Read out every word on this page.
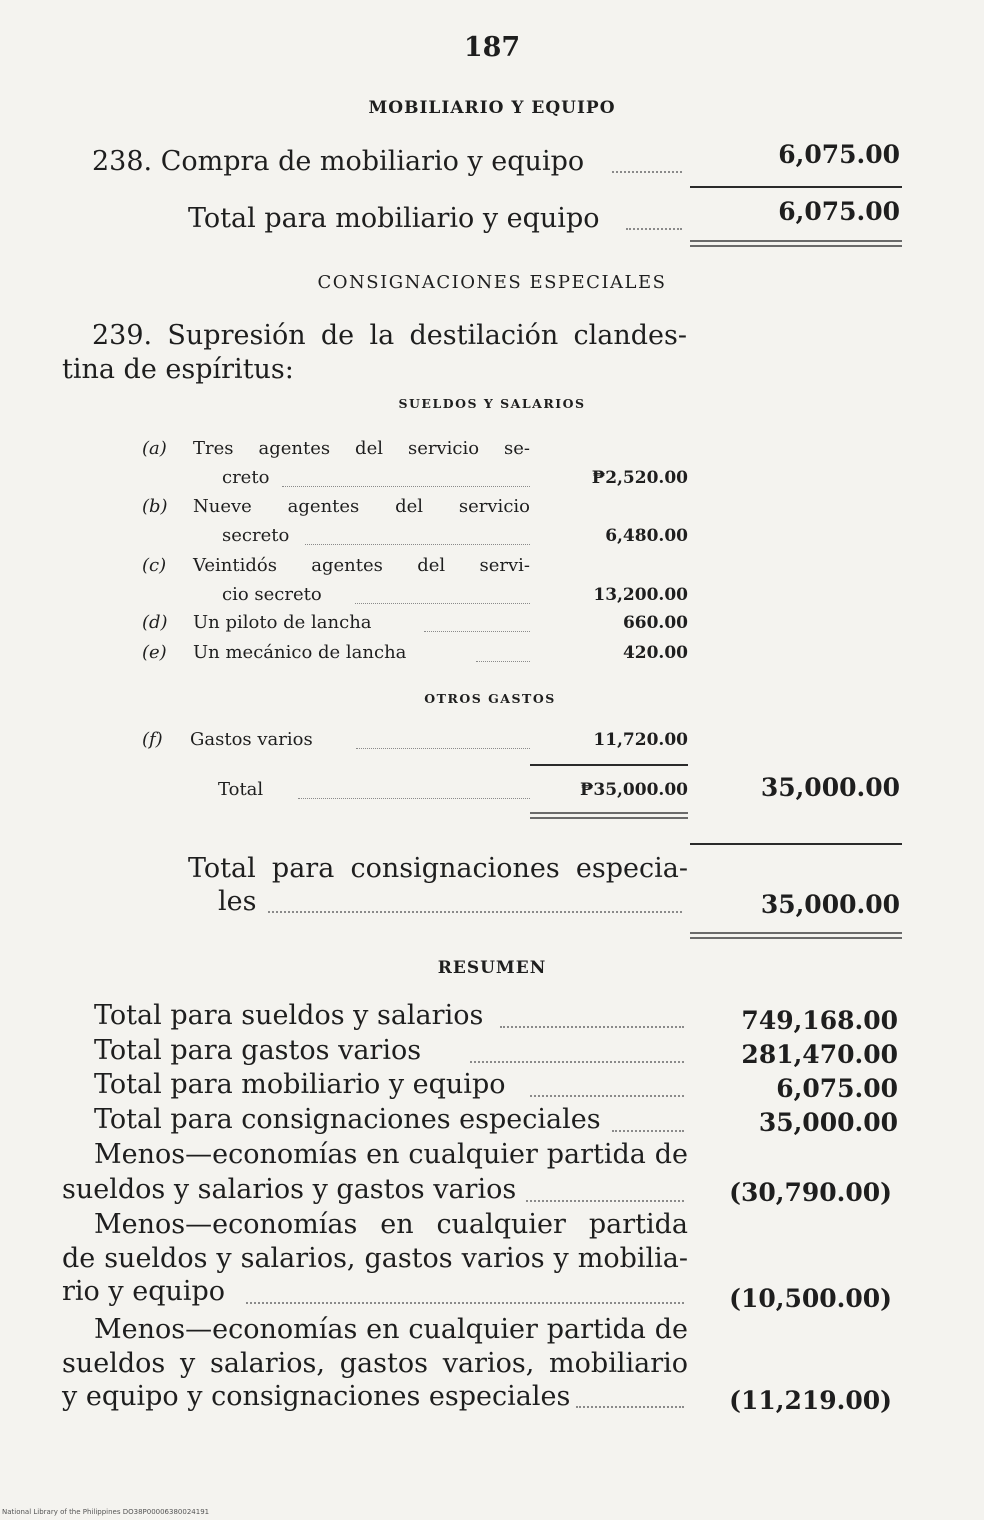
187
MOBILIARIO Y EQUIPO
238. Compra de mobiliario y equipo	6,075.00
Total para mobiliario y equipo	6,075.00
CONSIGNACIONES ESPECIALES
239. Supresión de la destilación clandes-
tina de espíritus:
SUELDOS Y SALARIOS
(a) Tres agentes del servicio se-
creto	₱2,520.00
(b) Nueve agentes del servicio
secreto	6,480.00
(c) Veintidós agentes del servi-
cio secreto	13,200.00
(d) Un piloto de lancha	660.00
(e) Un mecánico de lancha	420.00
OTROS GASTOS
(f) Gastos varios	11,720.00
Total	₱35,000.00	35,000.00
Total para consignaciones especia-
les	35,000.00
RESUMEN
Total para sueldos y salarios	749,168.00
Total para gastos varios	281,470.00
Total para mobiliario y equipo	6,075.00
Total para consignaciones especiales	35,000.00
Menos—economías en cualquier partida de
sueldos y salarios y gastos varios	(30,790.00)
Menos—economías en cualquier partida
de sueldos y salarios, gastos varios y mobilia-
rio y equipo	(10,500.00)
Menos—economías en cualquier partida de
sueldos y salarios, gastos varios, mobiliario
y equipo y consignaciones especiales	(11,219.00)
National Library of the Philippines DO38P00006380024191
